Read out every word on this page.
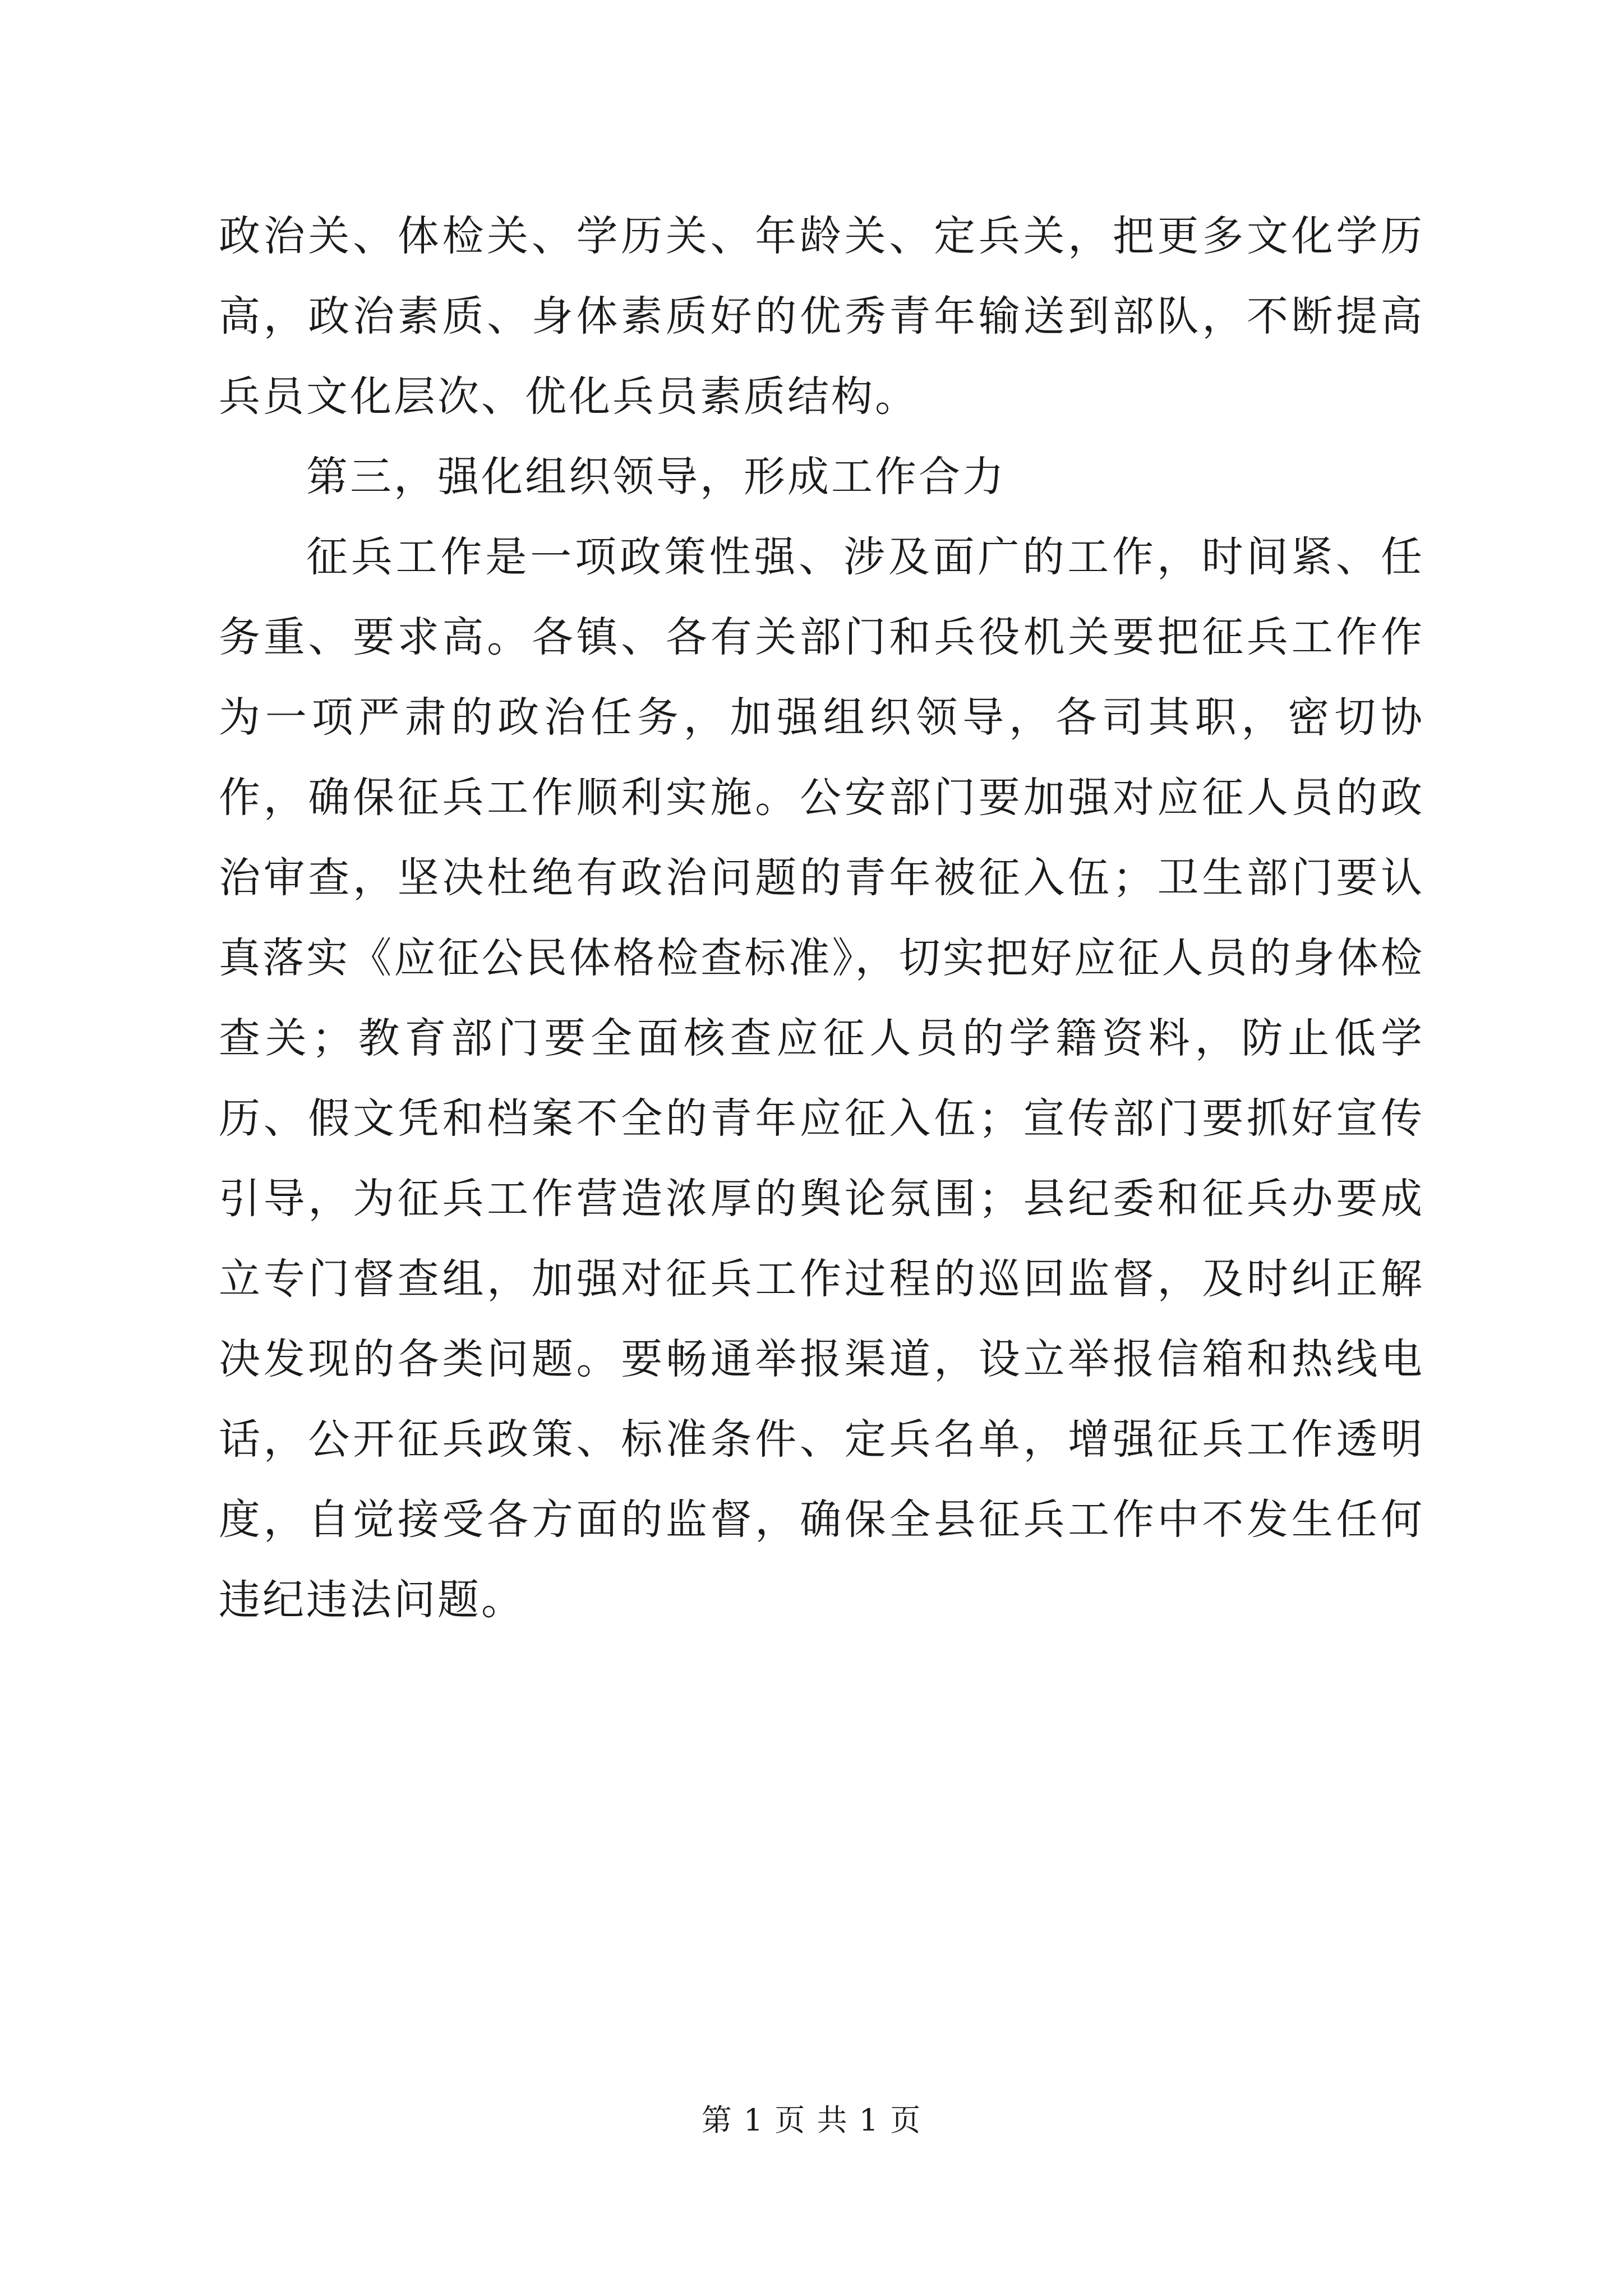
政治关、体检关、学历关、年龄关、定兵关，把更多文化学历高，政治素质、身体素质好的优秀青年输送到部队，不断提高兵员文化层次、优化兵员素质结构。

第三，强化组织领导，形成工作合力

征兵工作是一项政策性强、涉及面广的工作，时间紧、任务重、要求高。各镇、各有关部门和兵役机关要把征兵工作作为一项严肃的政治任务，加强组织领导，各司其职，密切协作，确保征兵工作顺利实施。公安部门要加强对应征人员的政治审查，坚决杜绝有政治问题的青年被征入伍；卫生部门要认真落实《应征公民体格检查标准》，切实把好应征人员的身体检查关；教育部门要全面核查应征人员的学籍资料，防止低学历、假文凭和档案不全的青年应征入伍；宣传部门要抓好宣传引导，为征兵工作营造浓厚的舆论氛围；县纪委和征兵办要成立专门督查组，加强对征兵工作过程的巡回监督，及时纠正解决发现的各类问题。要畅通举报渠道，设立举报信箱和热线电话，公开征兵政策、标准条件、定兵名单，增强征兵工作透明度，自觉接受各方面的监督，确保全县征兵工作中不发生任何违纪违法问题。

第 1 页 共 1 页
